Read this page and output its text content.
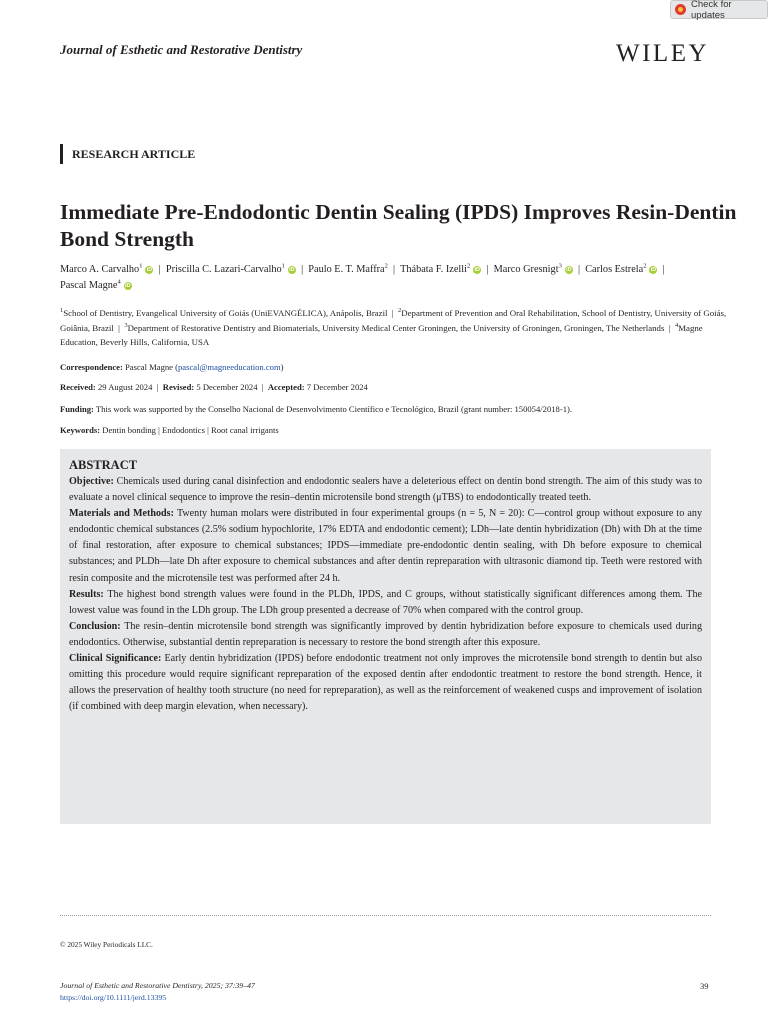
Check for updates
Journal of Esthetic and Restorative Dentistry	WILEY
RESEARCH ARTICLE
Immediate Pre-Endodontic Dentin Sealing (IPDS) Improves Resin-Dentin Bond Strength
Marco A. Carvalho$^1$iD | Priscilla C. Lazari-Carvalho$^1$iD | Paulo E. T. Maffra$^2$ | Thábata F. Izelli$^2$iD | Marco Gresnigt$^3$iD | Carlos Estrela$^2$iD |  Pascal Magne$^4$iD
$^1$School of Dentistry, Evangelical University of Goiás (UniEVANGÉLICA), Anápolis, Brazil | $^2$Department of Prevention and Oral Rehabilitation, School of Dentistry, University of Goiás, Goiânia, Brazil | $^3$Department of Restorative Dentistry and Biomaterials, University Medical Center Groningen, the University of Groningen, Groningen, The Netherlands | $^4$Magne Education, Beverly Hills, California, USA
Correspondence: Pascal Magne (pascal@magneeducation.com)
Received: 29 August 2024  |  Revised: 5 December 2024  |  Accepted: 7 December 2024
Funding: This work was supported by the Conselho Nacional de Desenvolvimento Científico e Tecnológico, Brazil (grant number: 150054/2018-1).
Keywords: Dentin bonding | Endodontics | Root canal irrigants
ABSTRACT

Objective: Chemicals used during canal disinfection and endodontic sealers have a deleterious effect on dentin bond strength. The aim of this study was to evaluate a novel clinical sequence to improve the resin–dentin microtensile bond strength (μTBS) to endodontically treated teeth.

Materials and Methods: Twenty human molars were distributed in four experimental groups (n = 5, N = 20): C—control group without exposure to any endodontic chemical substances (2.5% sodium hypochlorite, 17% EDTA and endodontic cement); LDh—late dentin hybridization (Dh) with Dh at the time of final restoration, after exposure to chemical substances; IPDS—immediate pre-endodontic dentin sealing, with Dh before exposure to chemical substances; and PLDh—late Dh after exposure to chemical substances and after dentin repreparation with ultrasonic diamond tip. Teeth were restored with resin composite and the microtensile test was performed after 24 h.

Results: The highest bond strength values were found in the PLDh, IPDS, and C groups, without statistically significant differences among them. The lowest value was found in the LDh group. The LDh group presented a decrease of 70% when compared with the control group.

Conclusion: The resin–dentin microtensile bond strength was significantly improved by dentin hybridization before exposure to chemicals used during endodontics. Otherwise, substantial dentin repreparation is necessary to restore the bond strength after this exposure.

Clinical Significance: Early dentin hybridization (IPDS) before endodontic treatment not only improves the microtensile bond strength to dentin but also omitting this procedure would require significant repreparation of the exposed dentin after endodontic treatment to restore the bond strength. Hence, it allows the preservation of healthy tooth structure (no need for repreparation), as well as the reinforcement of weakened cusps and improvement of isolation (if combined with deep margin elevation, when necessary).

© 2025 Wiley Periodicals LLC.
Journal of Esthetic and Restorative Dentistry, 2025; 37:39–47
https://doi.org/10.1111/jerd.13395
39
